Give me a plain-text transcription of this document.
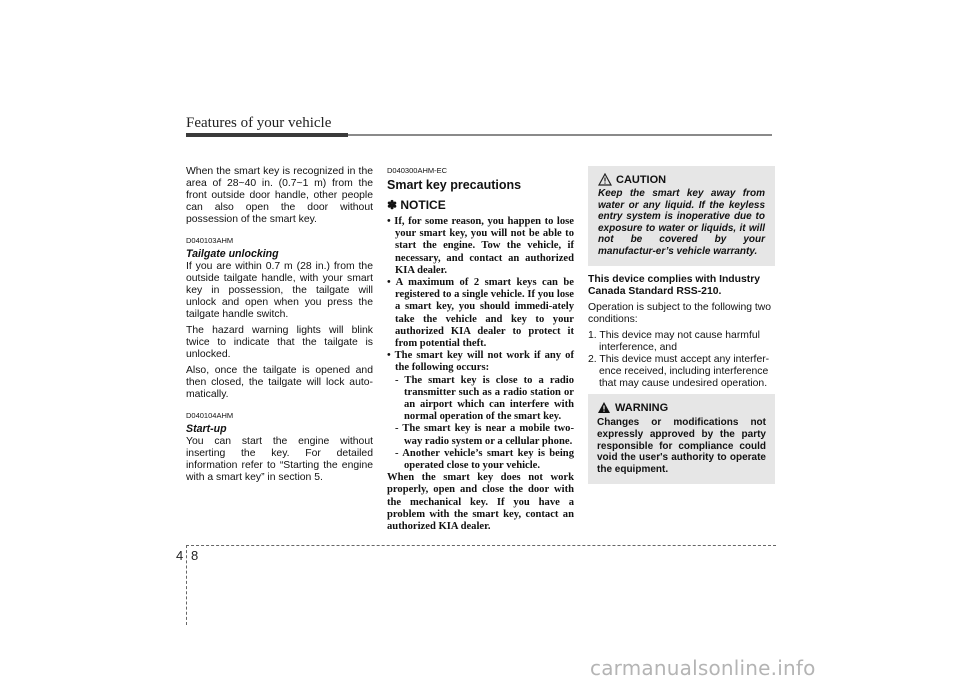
Features of your vehicle

When the smart key is recognized in the area of 28~40 in. (0.7~1 m) from the front outside door handle, other people can also open the door without possession of the smart key.

D040103AHM
Tailgate unlocking

If you are within 0.7 m (28 in.) from the outside tailgate handle, with your smart key in possession, the tailgate will unlock and open when you press the tailgate handle switch.

The hazard warning lights will blink twice to indicate that the tailgate is unlocked.

Also, once the tailgate is opened and then closed, the tailgate will lock auto-matically.

D040104AHM
Start-up

You can start the engine without inserting the key. For detailed information refer to “Starting the engine with a smart key” in section 5.

D040300AHM-EC
Smart key precautions
✽ NOTICE

• If, for some reason, you happen to lose your smart key, you will not be able to start the engine. Tow the vehicle, if necessary, and contact an authorized KIA dealer.

• A maximum of 2 smart keys can be registered to a single vehicle. If you lose a smart key, you should immedi-ately take the vehicle and key to your authorized KIA dealer to protect it from potential theft.

• The smart key will not work if any of the following occurs:

- The smart key is close to a radio transmitter such as a radio station or an airport which can interfere with normal operation of the smart key.

- The smart key is near a mobile two-way radio system or a cellular phone.

- Another vehicle’s smart key is being operated close to your vehicle.

When the smart key does not work properly, open and close the door with the mechanical key. If you have a problem with the smart key, contact an authorized KIA dealer.

CAUTION
Keep the smart key away from water or any liquid. If the keyless entry system is inoperative due to exposure to water or liquids, it will not be covered by your manufactur-er’s vehicle warranty.

This device complies with Industry Canada Standard RSS-210.

Operation is subject to the following two conditions:

1. This device may not cause harmful interference, and

2. This device must accept any interfer-ence received, including interference that may cause undesired operation.

WARNING
Changes or modifications not expressly approved by the party responsible for compliance could void the user's authority to operate the equipment.
4 8
carmanualsonline.info
